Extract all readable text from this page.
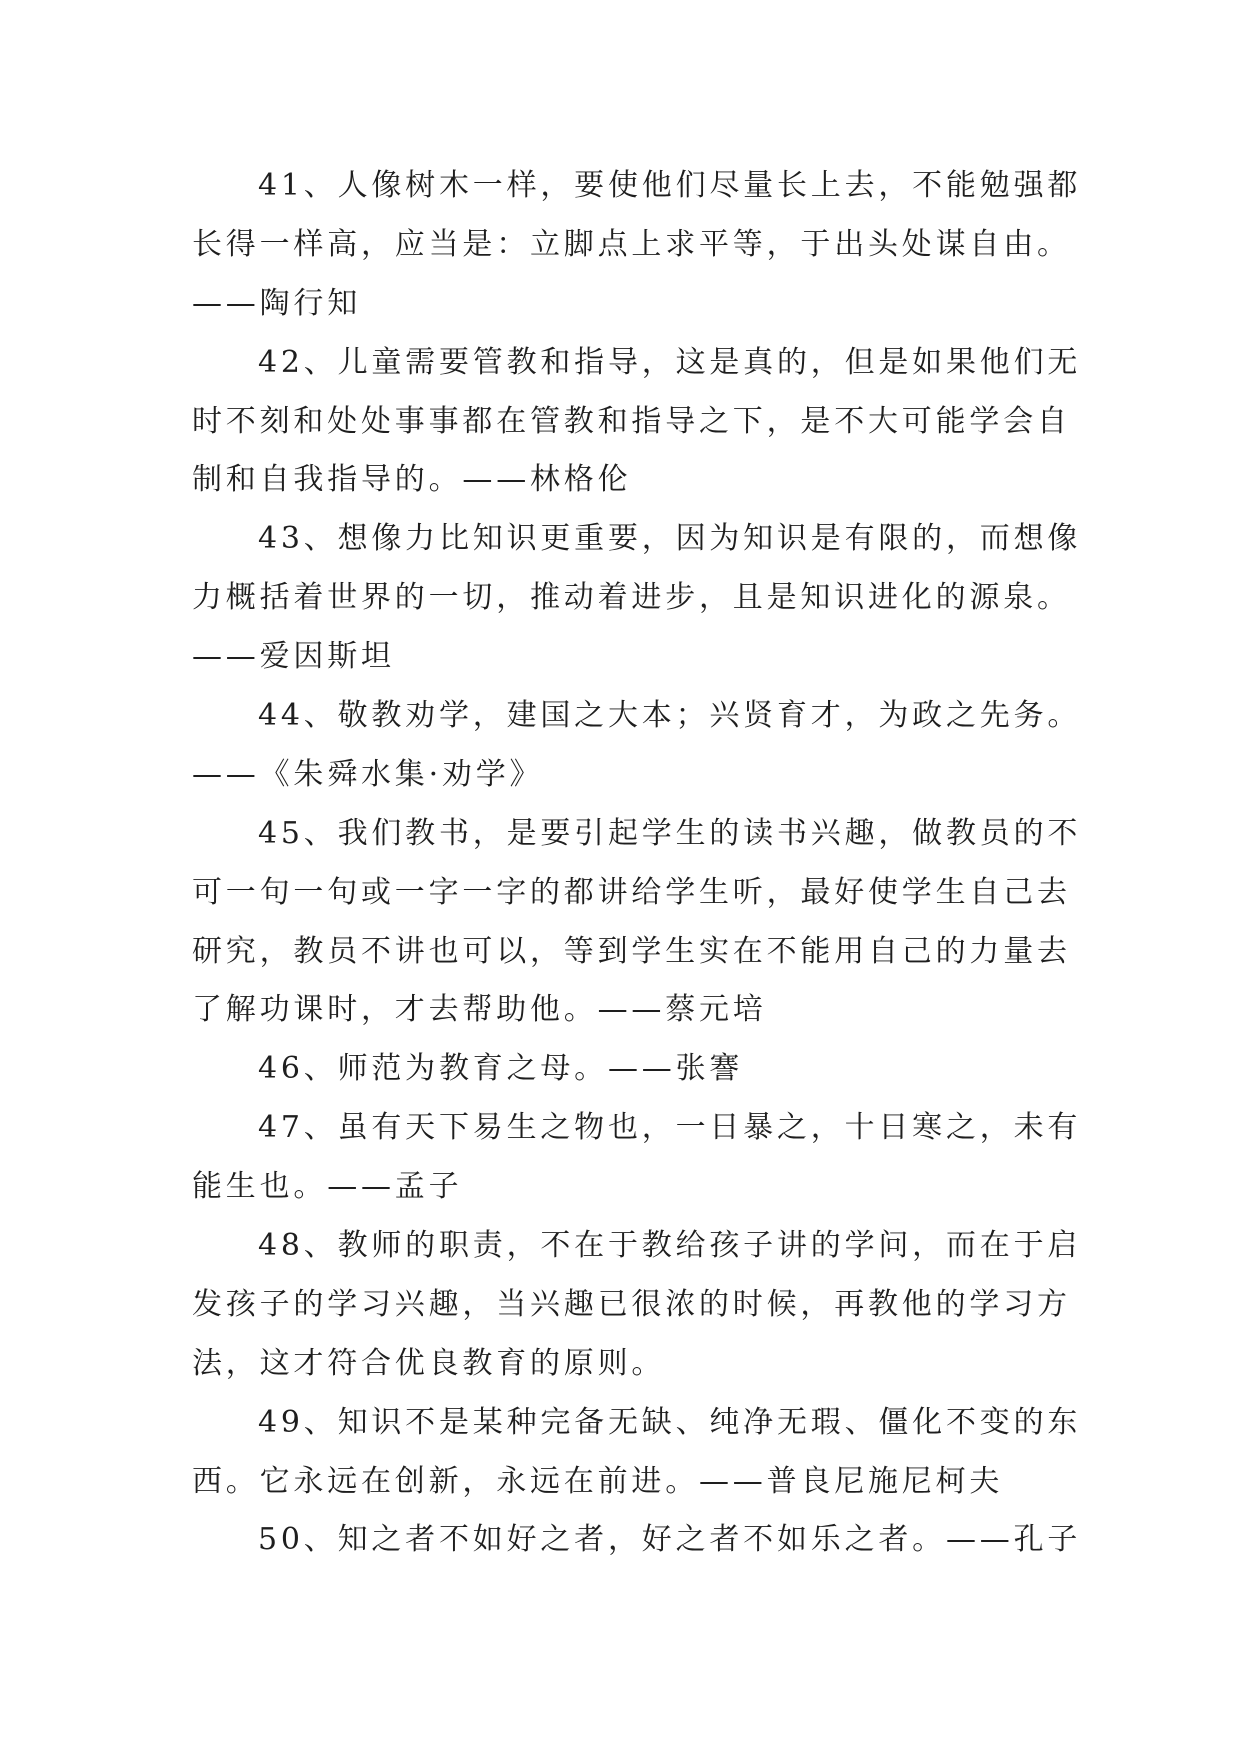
41、人像树木一样，要使他们尽量长上去，不能勉强都
长得一样高，应当是：立脚点上求平等，于出头处谋自由。
——陶行知
42、儿童需要管教和指导，这是真的，但是如果他们无
时不刻和处处事事都在管教和指导之下，是不大可能学会自
制和自我指导的。——林格伦
43、想像力比知识更重要，因为知识是有限的，而想像
力概括着世界的一切，推动着进步，且是知识进化的源泉。
——爱因斯坦
44、敬教劝学，建国之大本；兴贤育才，为政之先务。
——《朱舜水集·劝学》
45、我们教书，是要引起学生的读书兴趣，做教员的不
可一句一句或一字一字的都讲给学生听，最好使学生自己去
研究，教员不讲也可以，等到学生实在不能用自己的力量去
了解功课时，才去帮助他。——蔡元培
46、师范为教育之母。——张謇
47、虽有天下易生之物也，一日暴之，十日寒之，未有
能生也。——孟子
48、教师的职责，不在于教给孩子讲的学问，而在于启
发孩子的学习兴趣，当兴趣已很浓的时候，再教他的学习方
法，这才符合优良教育的原则。
49、知识不是某种完备无缺、纯净无瑕、僵化不变的东
西。它永远在创新，永远在前进。——普良尼施尼柯夫
50、知之者不如好之者，好之者不如乐之者。——孔子
